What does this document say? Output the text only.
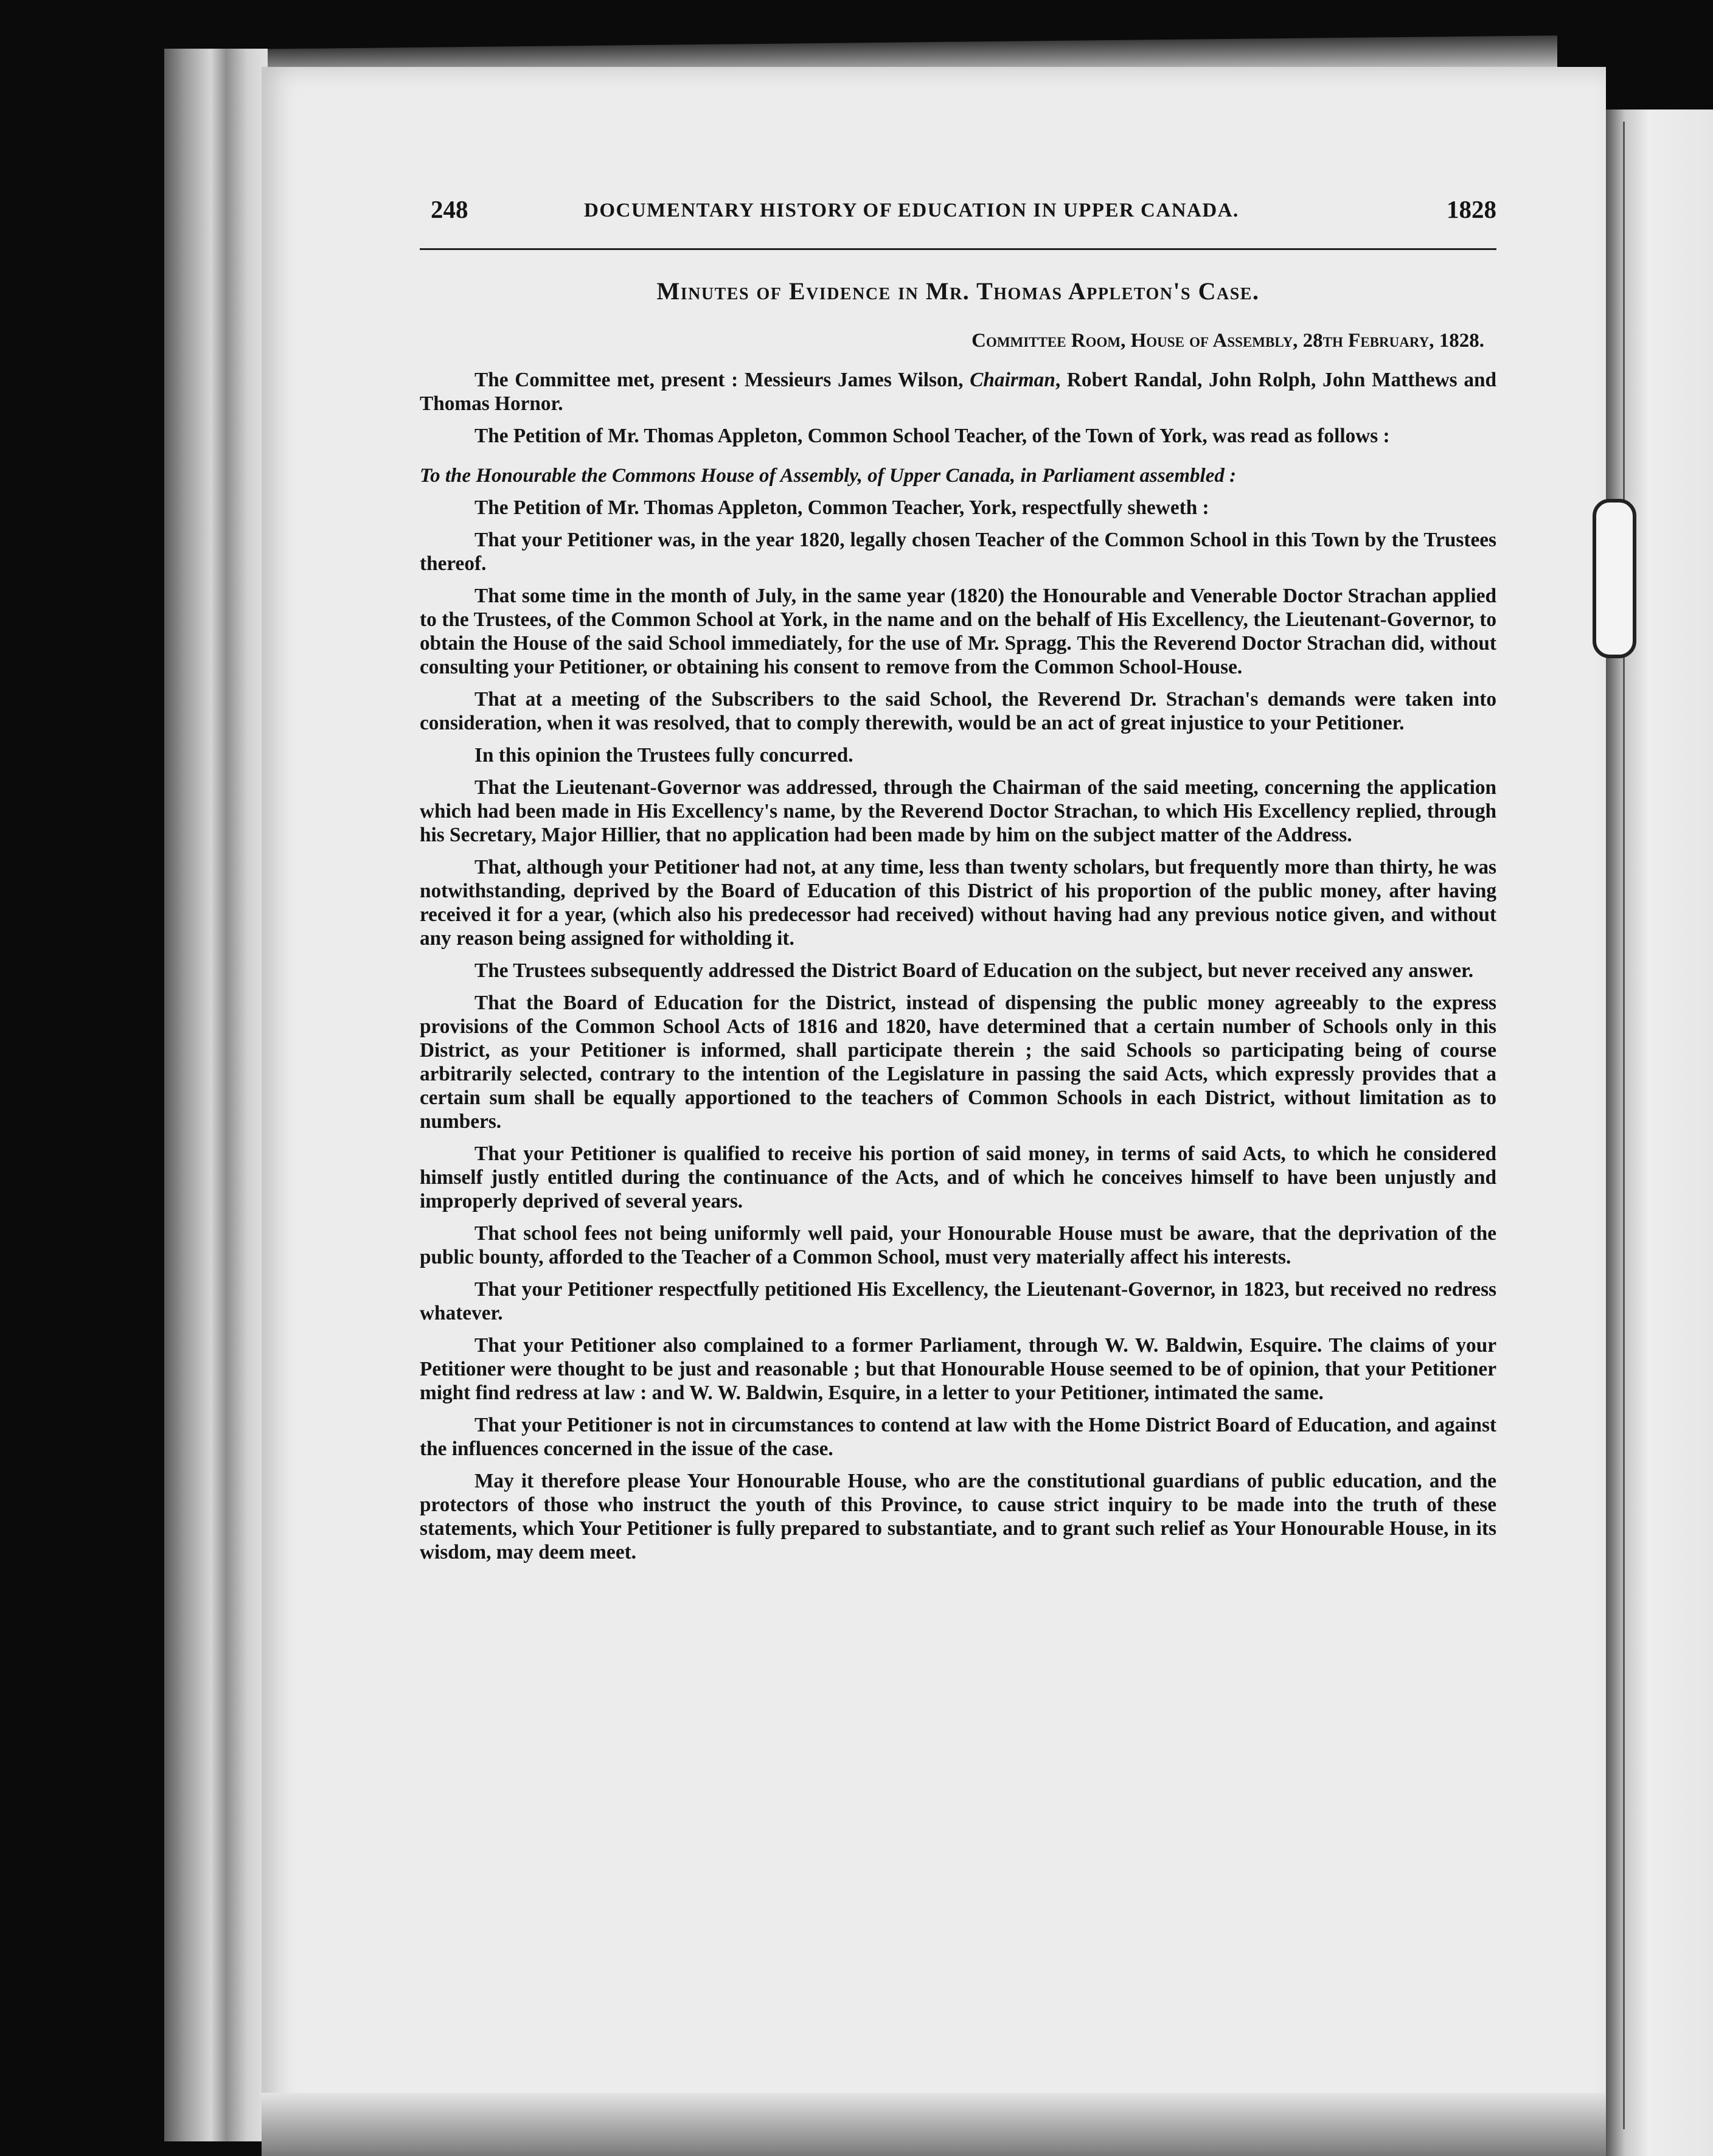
248	DOCUMENTARY HISTORY OF EDUCATION IN UPPER CANADA.	1828
Minutes of Evidence in Mr. Thomas Appleton's Case.
Committee Room, House of Assembly, 28th February, 1828.

The Committee met, present : Messieurs James Wilson, Chairman, Robert Randal, John Rolph, John Matthews and Thomas Hornor.

The Petition of Mr. Thomas Appleton, Common School Teacher, of the Town of York, was read as follows :

To the Honourable the Commons House of Assembly, of Upper Canada, in Parliament assembled :

The Petition of Mr. Thomas Appleton, Common Teacher, York, respectfully sheweth :

That your Petitioner was, in the year 1820, legally chosen Teacher of the Common School in this Town by the Trustees thereof.

That some time in the month of July, in the same year (1820) the Honourable and Venerable Doctor Strachan applied to the Trustees, of the Common School at York, in the name and on the behalf of His Excellency, the Lieutenant-Governor, to obtain the House of the said School immediately, for the use of Mr. Spragg. This the Reverend Doctor Strachan did, without consulting your Petitioner, or obtaining his consent to remove from the Common School-House.

That at a meeting of the Subscribers to the said School, the Reverend Dr. Strachan's demands were taken into consideration, when it was resolved, that to comply therewith, would be an act of great injustice to your Petitioner.

In this opinion the Trustees fully concurred.

That the Lieutenant-Governor was addressed, through the Chairman of the said meeting, concerning the application which had been made in His Excellency's name, by the Reverend Doctor Strachan, to which His Excellency replied, through his Secretary, Major Hillier, that no application had been made by him on the subject matter of the Address.

That, although your Petitioner had not, at any time, less than twenty scholars, but frequently more than thirty, he was notwithstanding, deprived by the Board of Education of this District of his proportion of the public money, after having received it for a year, (which also his predecessor had received) without having had any previous notice given, and without any reason being assigned for witholding it.

The Trustees subsequently addressed the District Board of Education on the subject, but never received any answer.

That the Board of Education for the District, instead of dispensing the public money agreeably to the express provisions of the Common School Acts of 1816 and 1820, have determined that a certain number of Schools only in this District, as your Petitioner is informed, shall participate therein ; the said Schools so participating being of course arbitrarily selected, contrary to the intention of the Legislature in passing the said Acts, which expressly provides that a certain sum shall be equally apportioned to the teachers of Common Schools in each District, without limitation as to numbers.

That your Petitioner is qualified to receive his portion of said money, in terms of said Acts, to which he considered himself justly entitled during the continuance of the Acts, and of which he conceives himself to have been unjustly and improperly deprived of several years.

That school fees not being uniformly well paid, your Honourable House must be aware, that the deprivation of the public bounty, afforded to the Teacher of a Common School, must very materially affect his interests.

That your Petitioner respectfully petitioned His Excellency, the Lieutenant-Governor, in 1823, but received no redress whatever.

That your Petitioner also complained to a former Parliament, through W. W. Baldwin, Esquire. The claims of your Petitioner were thought to be just and reasonable ; but that Honourable House seemed to be of opinion, that your Petitioner might find redress at law : and W. W. Baldwin, Esquire, in a letter to your Petitioner, intimated the same.

That your Petitioner is not in circumstances to contend at law with the Home District Board of Education, and against the influences concerned in the issue of the case.

May it therefore please Your Honourable House, who are the constitutional guardians of public education, and the protectors of those who instruct the youth of this Province, to cause strict inquiry to be made into the truth of these statements, which Your Petitioner is fully prepared to substantiate, and to grant such relief as Your Honourable House, in its wisdom, may deem meet.
